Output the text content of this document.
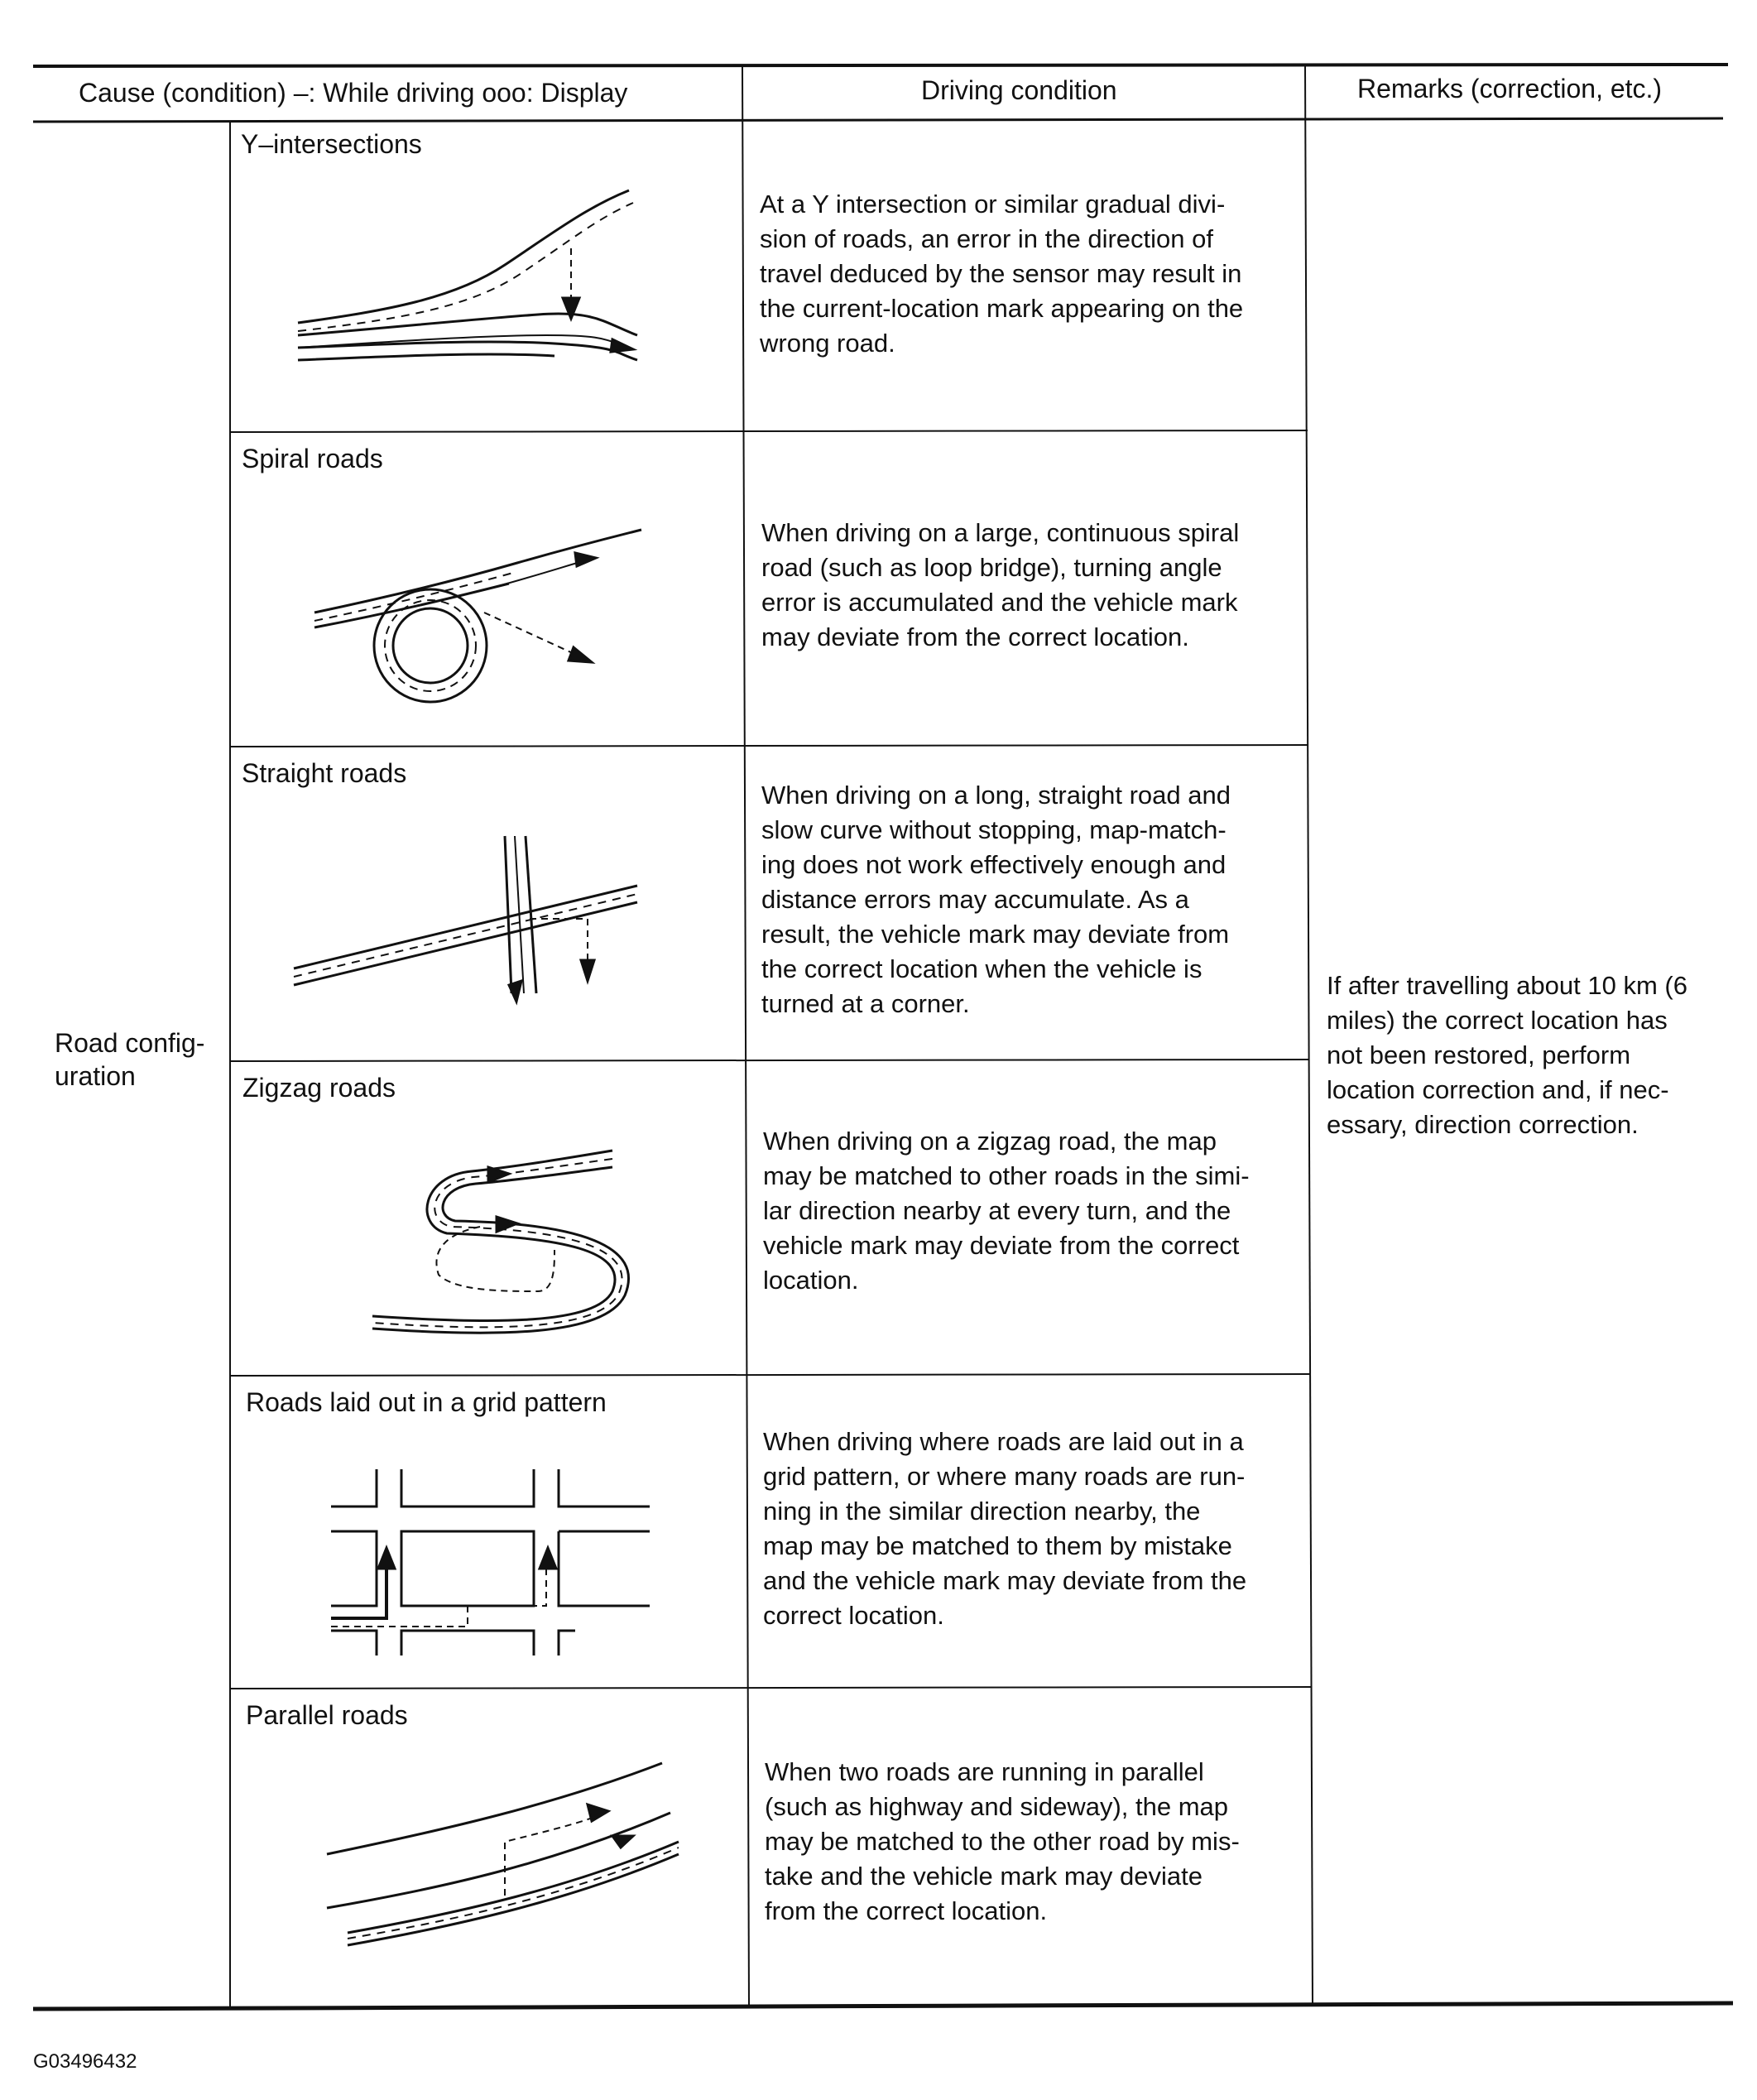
Cause (condition) –: While driving ooo: Display	Driving condition	Remarks (correction, etc.)
Road config-
uration
If after travelling about 10 km (6
miles) the correct location has
not been restored, perform
location correction and, if nec-
essary, direction correction.
Y–intersections
At a Y intersection or similar gradual divi-
sion of roads, an error in the direction of
travel deduced by the sensor may result in
the current-location mark appearing on the
wrong road.
Spiral roads
When driving on a large, continuous spiral
road (such as loop bridge), turning angle
error is accumulated and the vehicle mark
may deviate from the correct location.
Straight roads
When driving on a long, straight road and
slow curve without stopping, map-match-
ing does not work effectively enough and
distance errors may accumulate. As a
result, the vehicle mark may deviate from
the correct location when the vehicle is
turned at a corner.
Zigzag roads
When driving on a zigzag road, the map
may be matched to other roads in the simi-
lar direction nearby at every turn, and the
vehicle mark may deviate from the correct
location.
Roads laid out in a grid pattern
When driving where roads are laid out in a
grid pattern, or where many roads are run-
ning in the similar direction nearby, the
map may be matched to them by mistake
and the vehicle mark may deviate from the
correct location.
Parallel roads
When two roads are running in parallel
(such as highway and sideway), the map
may be matched to the other road by mis-
take and the vehicle mark may deviate
from the correct location.
G03496432
